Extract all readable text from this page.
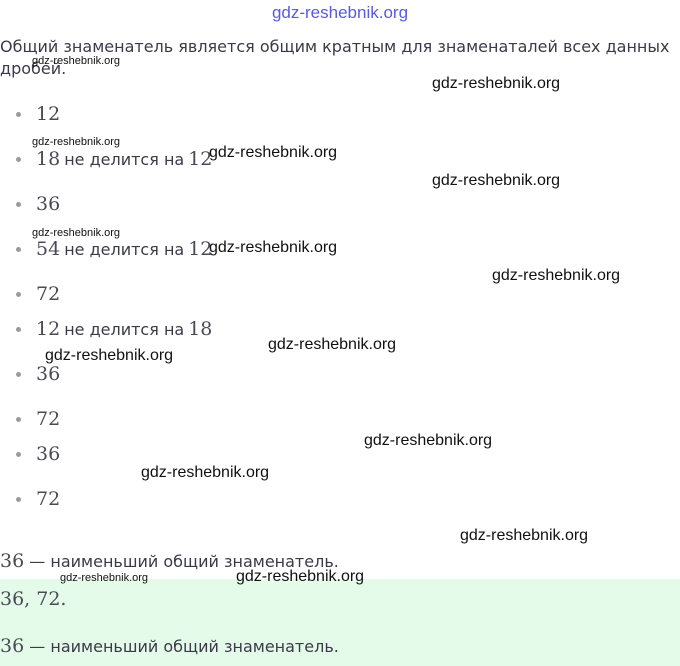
gdz-reshebnik.org
Общий знаменатель является общим кратным для знаменаталей всех данных дробей.
12
18 не делится на 12
36
54 не делится на 12
72
12 не делится на 18
36
72
36
72
36 — наименьший общий знаменатель.
36, 72.
36 — наименьший общий знаменатель.
gdz-reshebnik.org
gdz-reshebnik.org
gdz-reshebnik.org
gdz-reshebnik.org
gdz-reshebnik.org
gdz-reshebnik.org
gdz-reshebnik.org
gdz-reshebnik.org
gdz-reshebnik.org
gdz-reshebnik.org
gdz-reshebnik.org
gdz-reshebnik.org
gdz-reshebnik.org
gdz-reshebnik.org	gdz-reshebnik.org
